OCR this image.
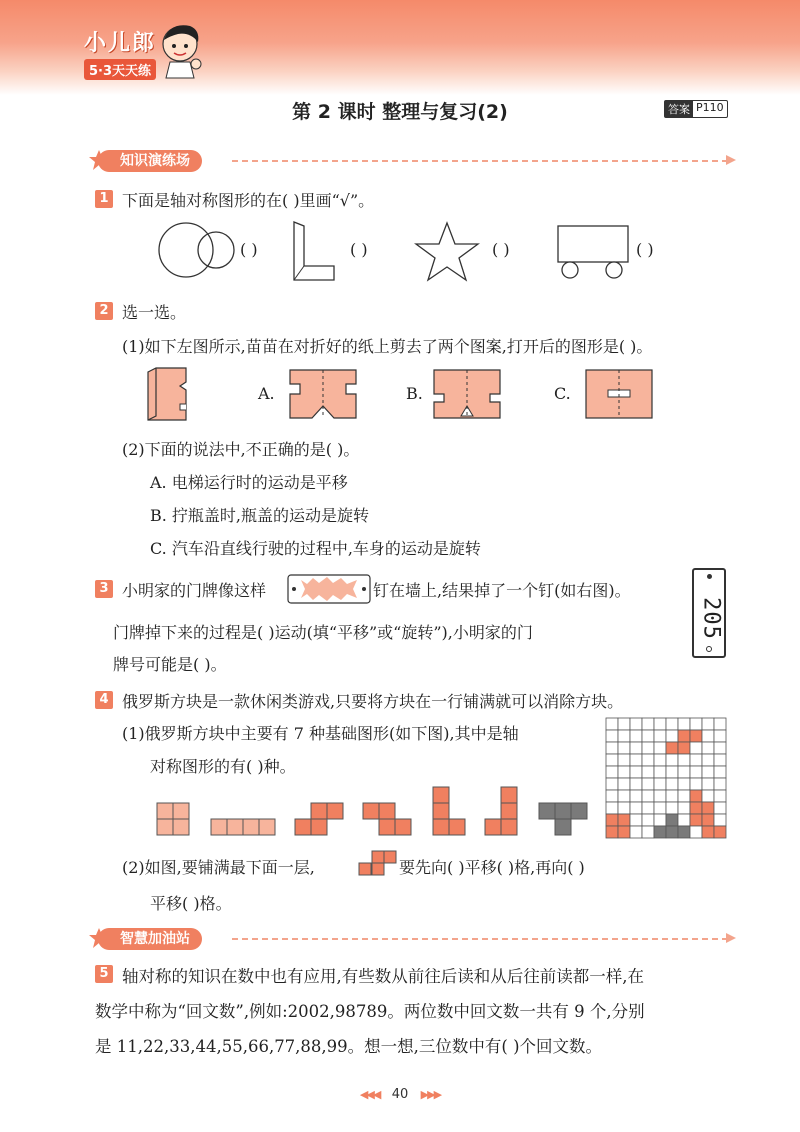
小儿郎
5·3天天练
第 2 课时 整理与复习(2)	答案 P110
知识演练场
1 下面是轴对称图形的在( )里画“√”。
( )	( )	( )	( )
2 选一选。
(1)如下左图所示,苗苗在对折好的纸上剪去了两个图案,打开后的图形是( )。
A.	B.	C.
(2)下面的说法中,不正确的是( )。
A. 电梯运行时的运动是平移
B. 拧瓶盖时,瓶盖的运动是旋转
C. 汽车沿直线行驶的过程中,车身的运动是旋转
3 小明家的门牌像这样	钉在墙上,结果掉了一个钉(如右图)。
门牌掉下来的过程是( )运动(填“平移”或“旋转”),小明家的门
牌号可能是( )。
205
4 俄罗斯方块是一款休闲类游戏,只要将方块在一行铺满就可以消除方块。
(1)俄罗斯方块中主要有 7 种基础图形(如下图),其中是轴
对称图形的有( )种。
(2)如图,要铺满最下面一层,	要先向( )平移( )格,再向( )
平移( )格。
智慧加油站
5 轴对称的知识在数中也有应用,有些数从前往后读和从后往前读都一样,在
数学中称为“回文数”,例如:2002,98789。两位数中回文数一共有 9 个,分别
是 11,22,33,44,55,66,77,88,99。想一想,三位数中有( )个回文数。
◀◀◀ 40 ▶▶▶
